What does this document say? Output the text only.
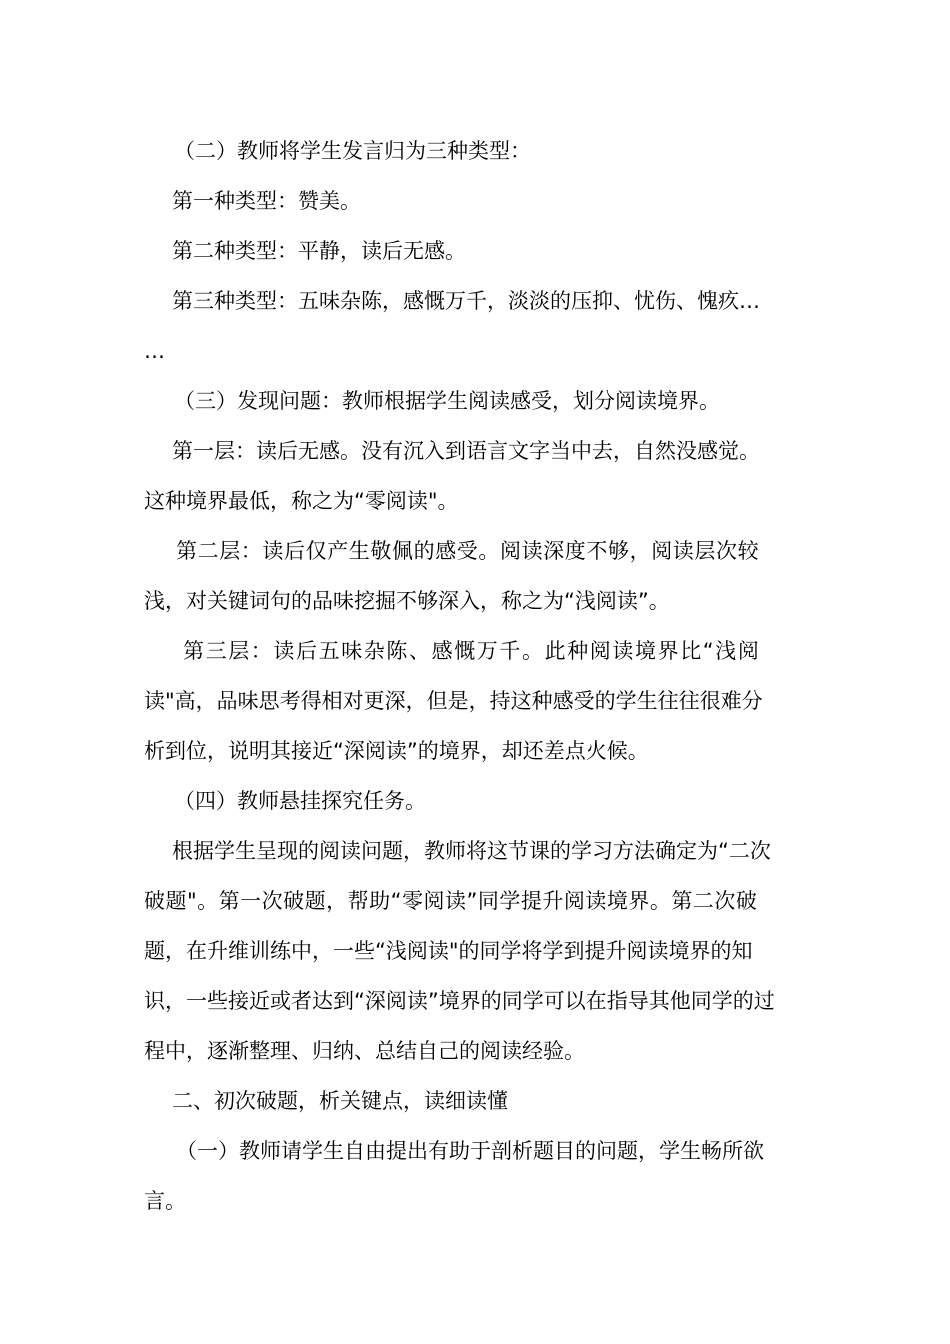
（二）教师将学生发言归为三种类型：
第一种类型：赞美。
第二种类型：平静，读后无感。
第三种类型：五味杂陈，感慨万千，淡淡的压抑、忧伤、愧疚…
…
（三）发现问题：教师根据学生阅读感受，划分阅读境界。
第一层：读后无感。没有沉入到语言文字当中去，自然没感觉。
这种境界最低，称之为“零阅读"。
第二层：读后仅产生敬佩的感受。阅读深度不够，阅读层次较
浅，对关键词句的品味挖掘不够深入，称之为“浅阅读”。
第三层：读后五味杂陈、感慨万千。此种阅读境界比“浅阅
读"高，品味思考得相对更深，但是，持这种感受的学生往往很难分
析到位，说明其接近“深阅读”的境界，却还差点火候。
（四）教师悬挂探究任务。
根据学生呈现的阅读问题，教师将这节课的学习方法确定为“二次
破题"。第一次破题，帮助“零阅读”同学提升阅读境界。第二次破
题，在升维训练中，一些“浅阅读"的同学将学到提升阅读境界的知
识，一些接近或者达到“深阅读”境界的同学可以在指导其他同学的过
程中，逐渐整理、归纳、总结自己的阅读经验。
二、初次破题，析关键点，读细读懂
（一）教师请学生自由提出有助于剖析题目的问题，学生畅所欲
言。
